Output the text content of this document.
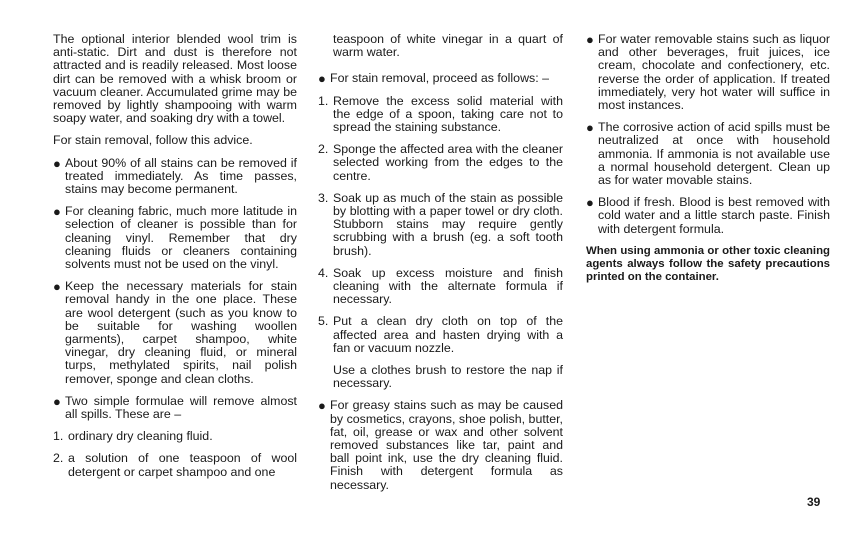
The optional interior blended wool trim is anti-static. Dirt and dust is therefore not attracted and is readily released. Most loose dirt can be removed with a whisk broom or vacuum cleaner. Accumulated grime may be removed by lightly shampooing with warm soapy water, and soaking dry with a towel.

For stain removal, follow this advice.

● About 90% of all stains can be removed if treated immediately. As time passes, stains may become permanent.
● For cleaning fabric, much more latitude in selection of cleaner is possible than for cleaning vinyl. Remember that dry cleaning fluids or cleaners containing solvents must not be used on the vinyl.
● Keep the necessary materials for stain removal handy in the one place. These are wool detergent (such as you know to be suitable for washing woollen garments), carpet shampoo, white vinegar, dry cleaning fluid, or mineral turps, methylated spirits, nail polish remover, sponge and clean cloths.
● Two simple formulae will remove almost all spills. These are –
1. ordinary dry cleaning fluid.
2. a solution of one teaspoon of wool detergent or carpet shampoo and one

teaspoon of white vinegar in a quart of warm water.

● For stain removal, proceed as follows: –
1. Remove the excess solid material with the edge of a spoon, taking care not to spread the staining substance.
2. Sponge the affected area with the cleaner selected working from the edges to the centre.
3. Soak up as much of the stain as possible by blotting with a paper towel or dry cloth. Stubborn stains may require gently scrubbing with a brush (eg. a soft tooth brush).
4. Soak up excess moisture and finish cleaning with the alternate formula if necessary.
5. Put a clean dry cloth on top of the affected area and hasten drying with a fan or vacuum nozzle.

Use a clothes brush to restore the nap if necessary.

● For greasy stains such as may be caused by cosmetics, crayons, shoe polish, butter, fat, oil, grease or wax and other solvent removed substances like tar, paint and ball point ink, use the dry cleaning fluid. Finish with detergent formula as necessary.
● For water removable stains such as liquor and other beverages, fruit juices, ice cream, chocolate and confectionery, etc. reverse the order of application. If treated immediately, very hot water will suffice in most instances.
● The corrosive action of acid spills must be neutralized at once with household ammonia. If ammonia is not available use a normal household detergent. Clean up as for water movable stains.
● Blood if fresh. Blood is best removed with cold water and a little starch paste. Finish with detergent formula.

When using ammonia or other toxic cleaning agents always follow the safety precautions printed on the container.

39
